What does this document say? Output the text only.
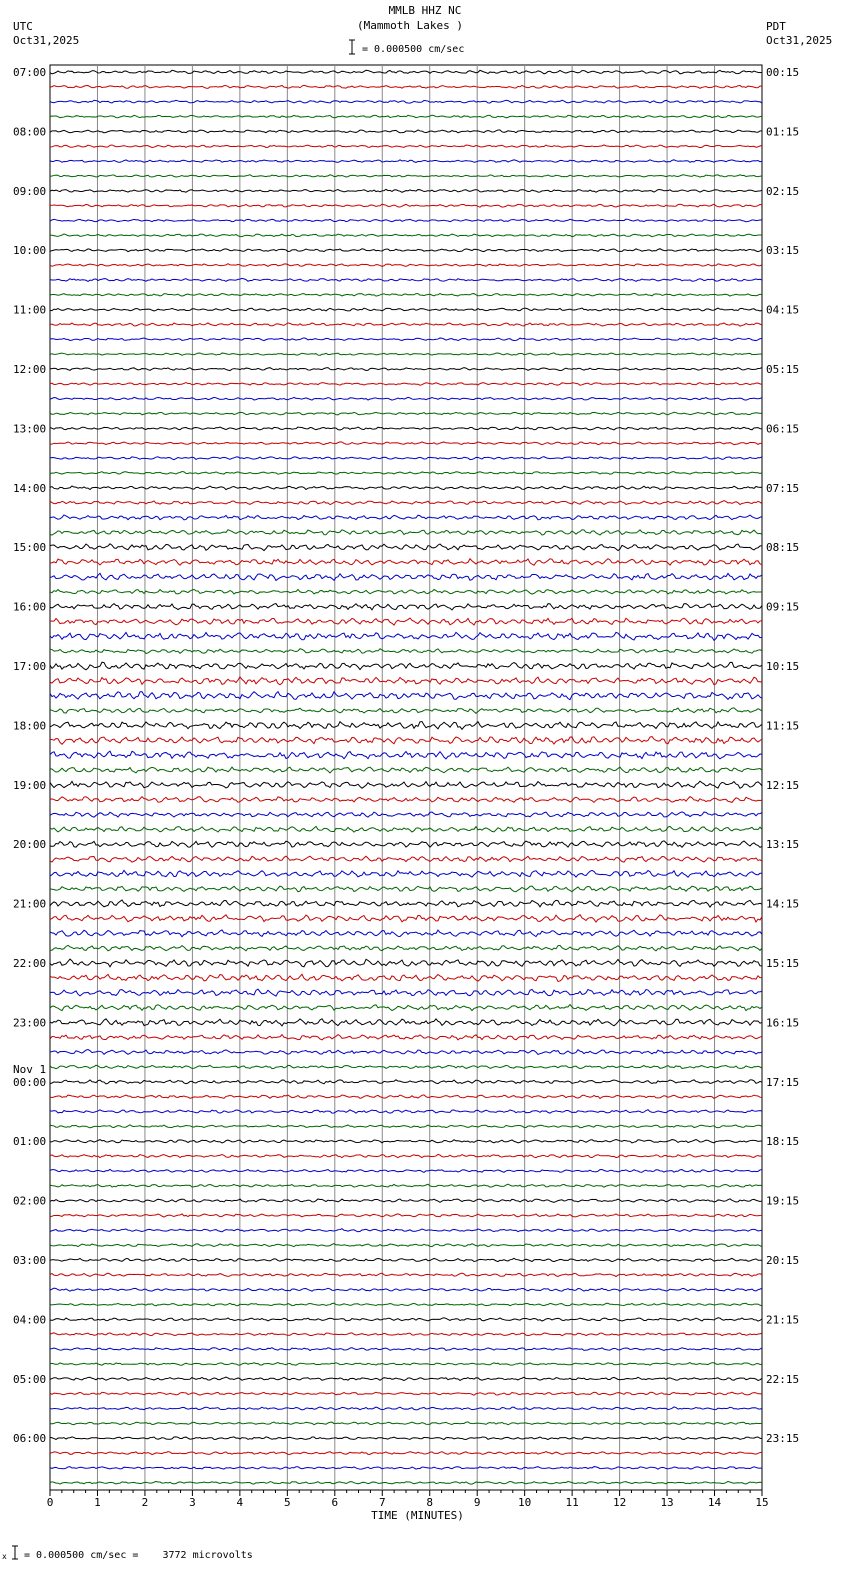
MMLB HHZ NC
(Mammoth Lakes )
= 0.000500 cm/sec
UTC
Oct31,2025
PDT
Oct31,2025
TIME (MINUTES)
x = 0.000500 cm/sec =    3772 microvolts
0	1	2	3	4	5	6	7	8	9	10	11	12	13	14	15
07:00
08:00
09:00
10:00
11:00
12:00
13:00
14:00
15:00
16:00
17:00
18:00
19:00
20:00
21:00
22:00
23:00
00:00
01:00
02:00
03:00
04:00
05:00
06:00
00:15
01:15
02:15
03:15
04:15
05:15
06:15
07:15
08:15
09:15
10:15
11:15
12:15
13:15
14:15
15:15
16:15
17:15
18:15
19:15
20:15
21:15
22:15
23:15
Nov 1
